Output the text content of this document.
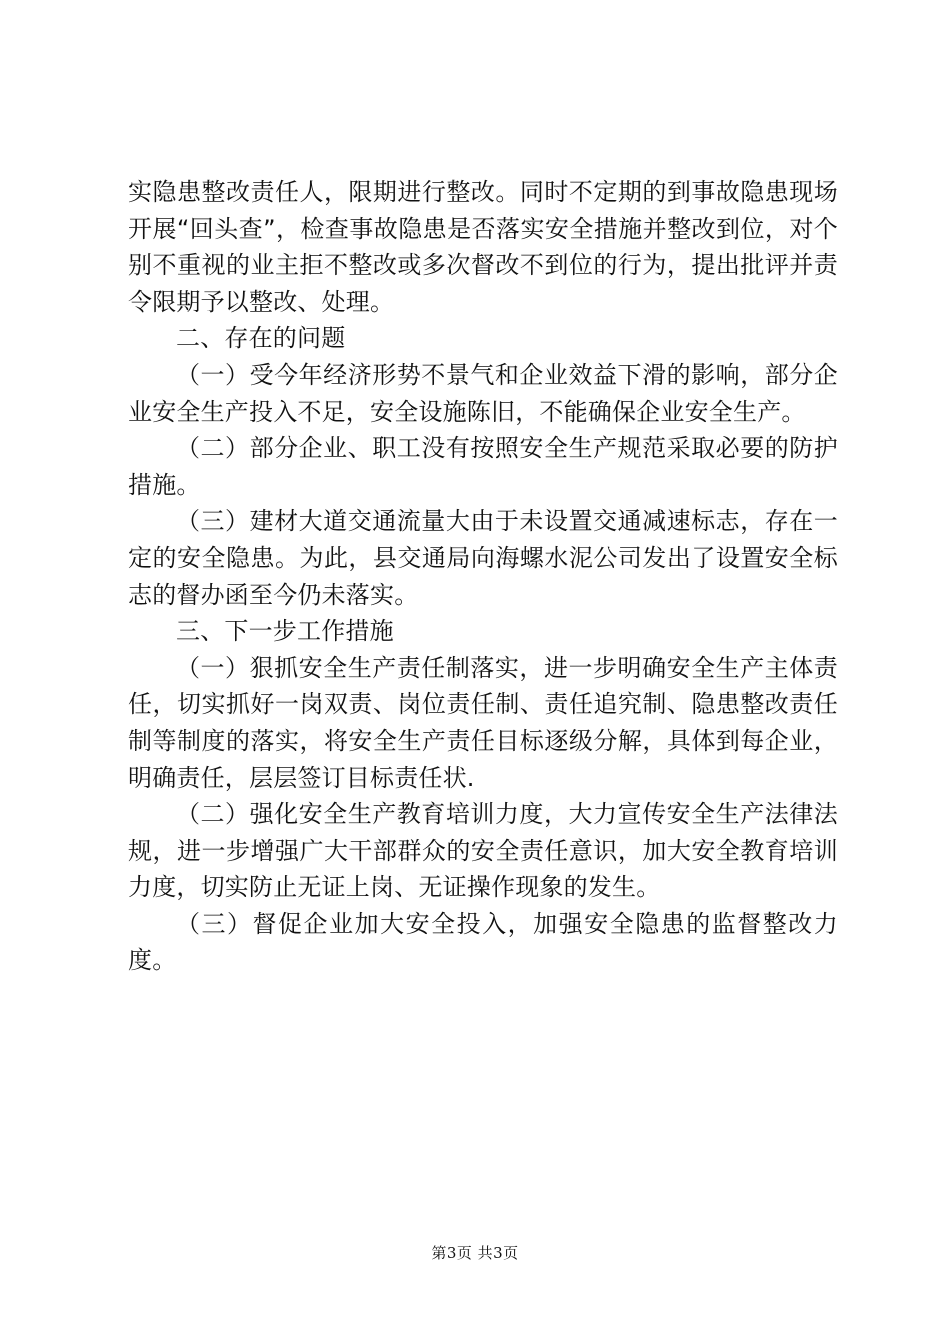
实隐患整改责任人，限期进行整改。同时不定期的到事故隐患现场开展“回头查”，检查事故隐患是否落实安全措施并整改到位，对个别不重视的业主拒不整改或多次督改不到位的行为，提出批评并责令限期予以整改、处理。

二、存在的问题

（一）受今年经济形势不景气和企业效益下滑的影响，部分企业安全生产投入不足，安全设施陈旧，不能确保企业安全生产。

（二）部分企业、职工没有按照安全生产规范采取必要的防护措施。

（三）建材大道交通流量大由于未设置交通减速标志，存在一定的安全隐患。为此，县交通局向海螺水泥公司发出了设置安全标志的督办函至今仍未落实。

三、下一步工作措施

（一）狠抓安全生产责任制落实，进一步明确安全生产主体责任，切实抓好一岗双责、岗位责任制、责任追究制、隐患整改责任制等制度的落实，将安全生产责任目标逐级分解，具体到每企业，明确责任，层层签订目标责任状.

（二）强化安全生产教育培训力度，大力宣传安全生产法律法规，进一步增强广大干部群众的安全责任意识，加大安全教育培训力度，切实防止无证上岗、无证操作现象的发生。

（三）督促企业加大安全投入，加强安全隐患的监督整改力度。

第3页 共3页
